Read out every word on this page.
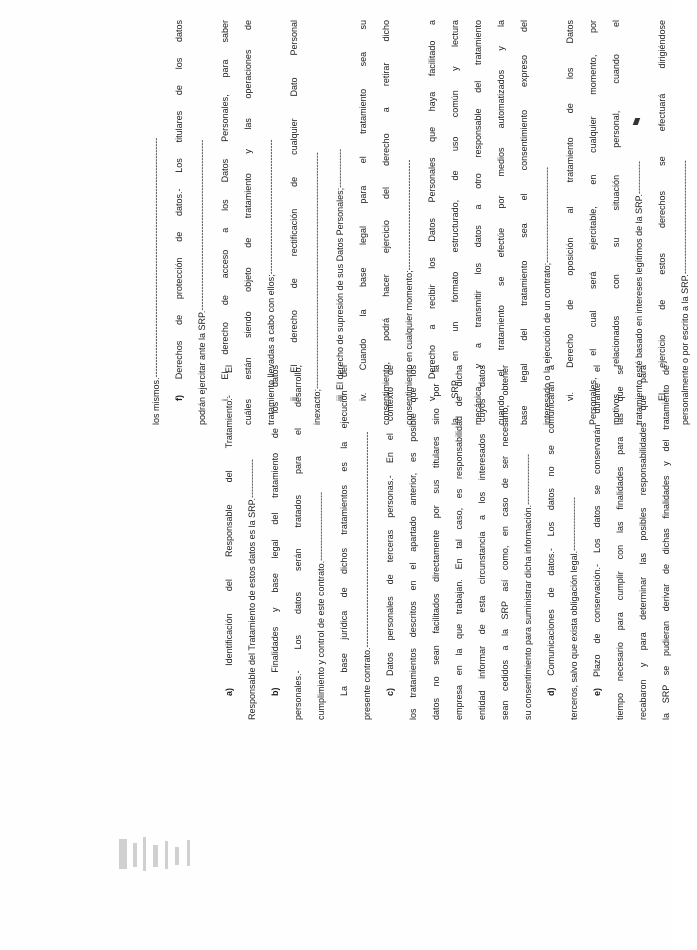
a) Identificación del Responsable del Tratamiento.- El	Responsable del Tratamiento de estos datos es la SRP.-------------	b) Finalidades y base legal del tratamiento de los datos	personales.- Los datos serán tratados para el desarrollo,	cumplimiento y control de este contrato.-----------------------	La base jurídica de dichos tratamientos es la ejecución del	presente contrato.------------------------------------------------------------------------	c) Datos personales de terceras personas.- En el contexto de	los tratamientos descritos en el apartado anterior, es posible que los	datos no sean facilitados directamente por sus titulares sino por la	empresa en la que trabajan. En tal caso, es responsabilidad de dicha	entidad informar de esta circunstancia a los interesados cuyos datos	sean cedidos a la SRP así como, en caso de ser necesario, obtener	su consentimiento para suministrar dicha información.-----------------	d) Comunicaciones de datos.- Los datos no se comunicarán a	terceros, salvo que exista obligación legal.------------------	e) Plazo de conservación.- Los datos se conservarán durante el	tiempo necesario para cumplir con las finalidades para las que se	recabaron y para determinar las posibles responsabilidades que para	la SRP se pudieran derivar de dichas finalidades y del tratamiento de
los mismos.--------------------------------------------------------------------------------	f) Derechos de protección de datos.- Los titulares de los datos	podrán ejercitar ante la SRP.---------------------------------------------------------	i. El derecho de acceso a los Datos Personales, para saber	cuáles están siendo objeto de tratamiento y las operaciones de	tratamiento llevadas a cabo con ellos;---------------------------------------------	ii. El derecho de rectificación de cualquier Dato Personal	inexacto;-------------------------------------------------------------------------------	iii. El derecho de supresión de sus Datos Personales;-------------	iv. Cuando la base legal para el tratamiento sea su	consentimiento, podrá hacer ejercicio del derecho a retirar dicho	consentimiento en cualquier momento;-------------------------------------	v. Derecho a recibir los Datos Personales que haya facilitado a	la SRP en un formato estructurado, de uso común y lectura	mecánica, y a transmitir los datos a otro responsable del tratamiento	cuando el tratamiento se efectúe por medios automatizados y la	base legal del tratamiento sea el consentimiento expreso del	interesado o la ejecución de un contrato;--------------------------------	vi. Derecho de oposición al tratamiento de los Datos	Personales, el cual será ejercitable, en cualquier momento, por	motivos relacionados con su situación personal, cuando el	tratamiento esté basado en intereses legítimos de la SRP.-----------	El ejercicio de estos derechos se efectuará dirigiéndose	personalmente o por escrito a la SRP.--------------------------------------
